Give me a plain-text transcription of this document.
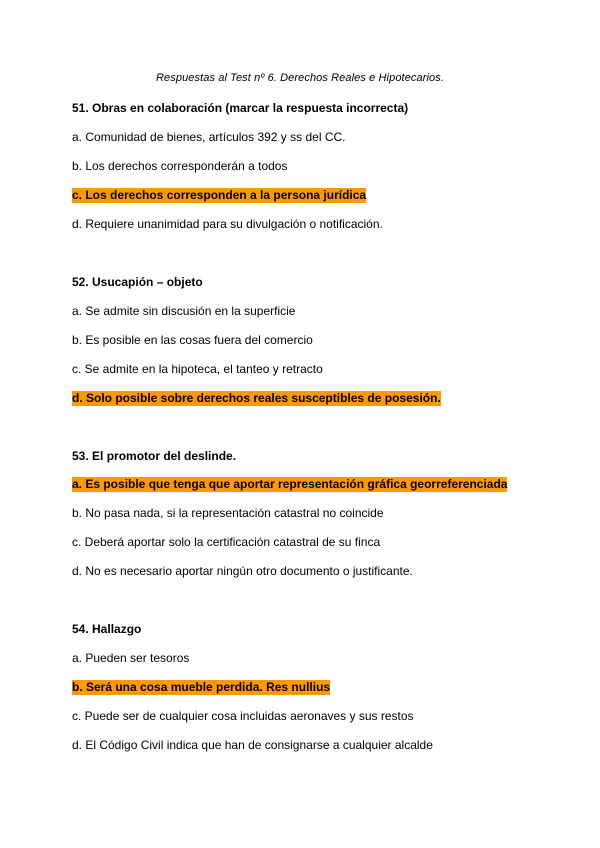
Respuestas al Test nº 6. Derechos Reales e Hipotecarios.
51. Obras en colaboración (marcar la respuesta incorrecta)
a. Comunidad de bienes, artículos 392 y ss del CC.
b. Los derechos corresponderán a todos
c. Los derechos corresponden a la persona jurídica
d. Requiere unanimidad para su divulgación o notificación.
52. Usucapión – objeto
a. Se admite sin discusión en la superficie
b. Es posible en las cosas fuera del comercio
c. Se admite en la hipoteca, el tanteo y retracto
d. Solo posible sobre derechos reales susceptibles de posesión.
53. El promotor del deslinde.
a. Es posible que tenga que aportar representación gráfica georreferenciada
b. No pasa nada, si la representación catastral no coincide
c. Deberá aportar solo la certificación catastral de su finca
d. No es necesario aportar ningún otro documento o justificante.
54. Hallazgo
a. Pueden ser tesoros
b. Será una cosa mueble perdida. Res nullius
c. Puede ser de cualquier cosa incluidas aeronaves y sus restos
d. El Código Civil indica que han de consignarse a cualquier alcalde
